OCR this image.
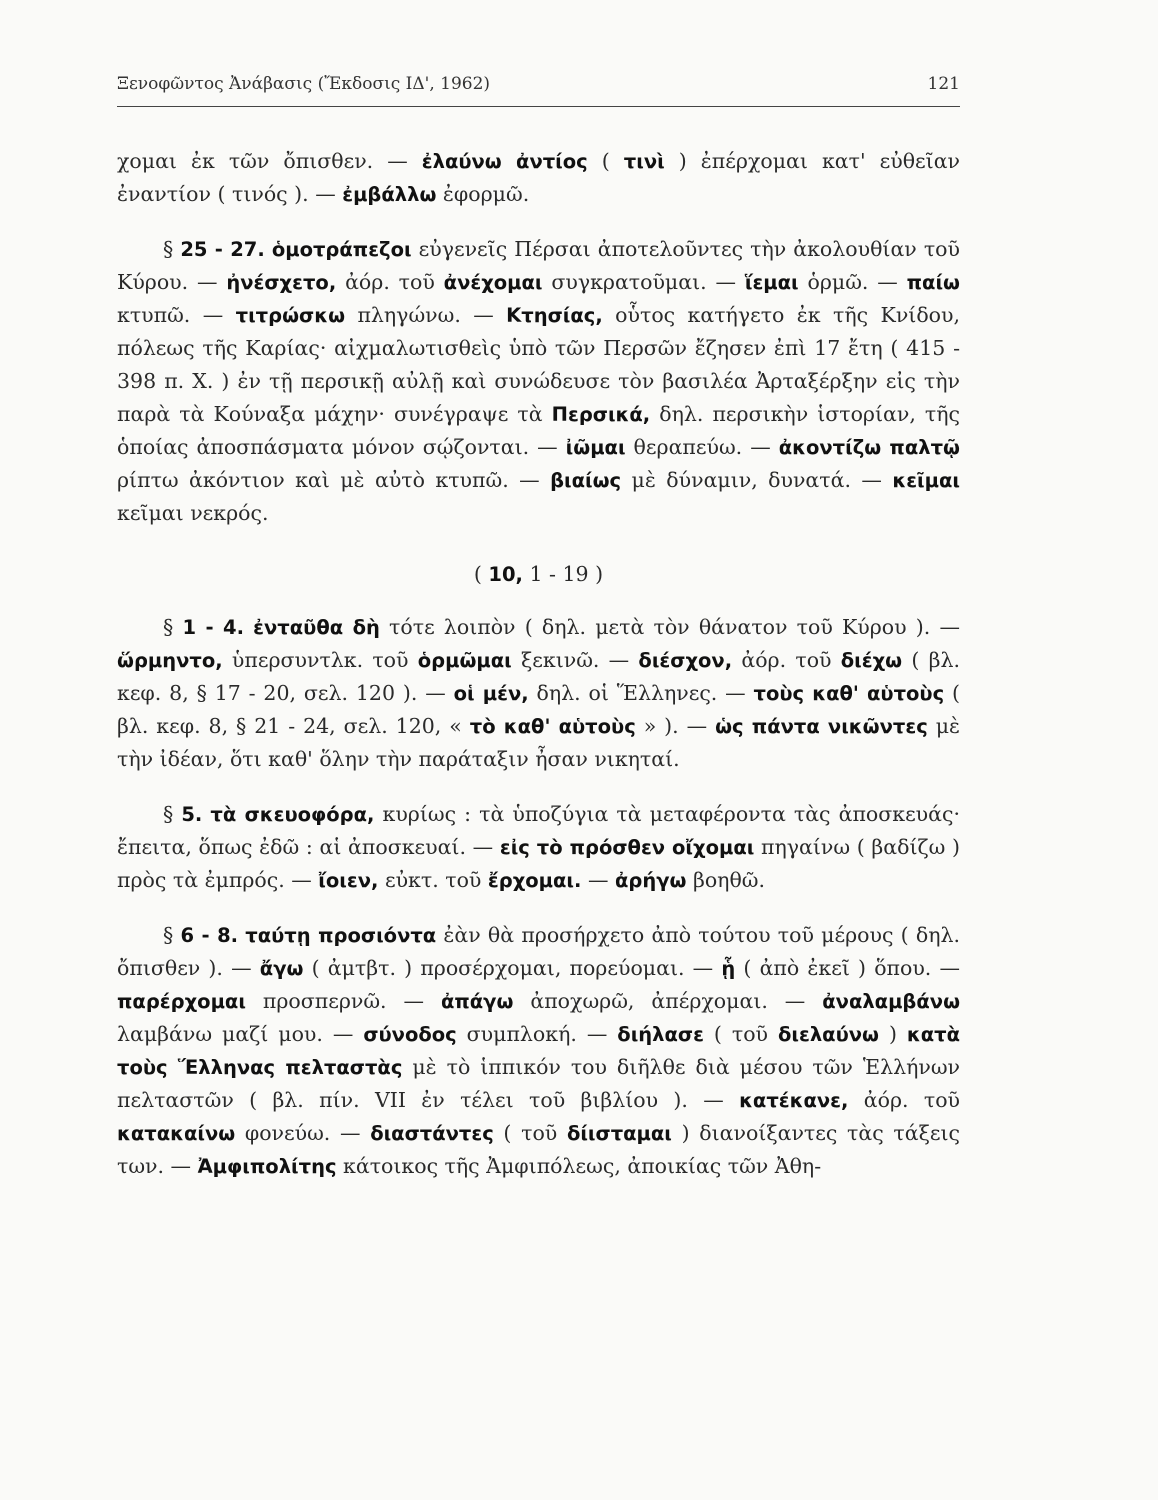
Ξενοφῶντος Ἀνάβασις (Ἔκδοσις ΙΔ', 1962)	121

χομαι ἐκ τῶν ὄπισθεν. — ἐλαύνω ἀντίος ( τινὶ ) ἐπέρχομαι κατ' εὐθεῖαν ἐναντίον ( τινός ). — ἐμβάλλω ἐφορμῶ.

§ 25 - 27. ὁμοτράπεζοι εὐγενεῖς Πέρσαι ἀποτελοῦντες τὴν ἀκολουθίαν τοῦ Κύρου. — ἠνέσχετο, ἀόρ. τοῦ ἀνέχομαι συγκρατοῦμαι. — ἵεμαι ὁρμῶ. — παίω κτυπῶ. — τιτρώσκω πληγώνω. — Κτησίας, οὗτος κατήγετο ἐκ τῆς Κνίδου, πόλεως τῆς Καρίας· αἰχμαλωτισθεὶς ὑπὸ τῶν Περσῶν ἔζησεν ἐπὶ 17 ἔτη ( 415 - 398 π. Χ. ) ἐν τῇ περσικῇ αὐλῇ καὶ συνώδευσε τὸν βασιλέα Ἀρταξέρξην εἰς τὴν παρὰ τὰ Κούναξα μάχην· συνέγραψε τὰ Περσικά, δηλ. περσικὴν ἱστορίαν, τῆς ὁποίας ἀποσπάσματα μόνον σῴζονται. — ἰῶμαι θεραπεύω. — ἀκοντίζω παλτῷ ρίπτω ἀκόντιον καὶ μὲ αὐτὸ κτυπῶ. — βιαίως μὲ δύναμιν, δυνατά. — κεῖμαι κεῖμαι νεκρός.

( 10, 1 - 19 )

§ 1 - 4. ἐνταῦθα δὴ τότε λοιπὸν ( δηλ. μετὰ τὸν θάνατον τοῦ Κύρου ). — ὥρμηντο, ὑπερσυντλκ. τοῦ ὁρμῶμαι ξεκινῶ. — διέσχον, ἀόρ. τοῦ διέχω ( βλ. κεφ. 8, § 17 - 20, σελ. 120 ). — οἱ μέν, δηλ. οἱ Ἕλληνες. — τοὺς καθ' αὑτοὺς ( βλ. κεφ. 8, § 21 - 24, σελ. 120, « τὸ καθ' αὑτοὺς » ). — ὡς πάντα νικῶντες μὲ τὴν ἰδέαν, ὅτι καθ' ὅλην τὴν παράταξιν ἦσαν νικηταί.

§ 5. τὰ σκευοφόρα, κυρίως : τὰ ὑποζύγια τὰ μεταφέροντα τὰς ἀποσκευάς· ἔπειτα, ὅπως ἐδῶ : αἱ ἀποσκευαί. — εἰς τὸ πρόσθεν οἴχομαι πηγαίνω ( βαδίζω ) πρὸς τὰ ἐμπρός. — ἴοιεν, εὐκτ. τοῦ ἔρχομαι. — ἀρήγω βοηθῶ.

§ 6 - 8. ταύτῃ προσιόντα ἐὰν θὰ προσήρχετο ἀπὸ τούτου τοῦ μέρους ( δηλ. ὄπισθεν ). — ἄγω ( ἀμτβτ. ) προσέρχομαι, πορεύομαι. — ᾗ ( ἀπὸ ἐκεῖ ) ὅπου. — παρέρχομαι προσπερνῶ. — ἀπάγω ἀποχωρῶ, ἀπέρχομαι. — ἀναλαμβάνω λαμβάνω μαζί μου. — σύνοδος συμπλοκή. — διήλασε ( τοῦ διελαύνω ) κατὰ τοὺς Ἕλληνας πελταστὰς μὲ τὸ ἱππικόν του διῆλθε διὰ μέσου τῶν Ἑλλήνων πελταστῶν ( βλ. πίν. VII ἐν τέλει τοῦ βιβλίου ). — κατέκανε, ἀόρ. τοῦ κατακαίνω φονεύω. — διαστάντες ( τοῦ δίισταμαι ) διανοίξαντες τὰς τάξεις των. — Ἀμφιπολίτης κάτοικος τῆς Ἀμφιπόλεως, ἀποικίας τῶν Ἀθη-
